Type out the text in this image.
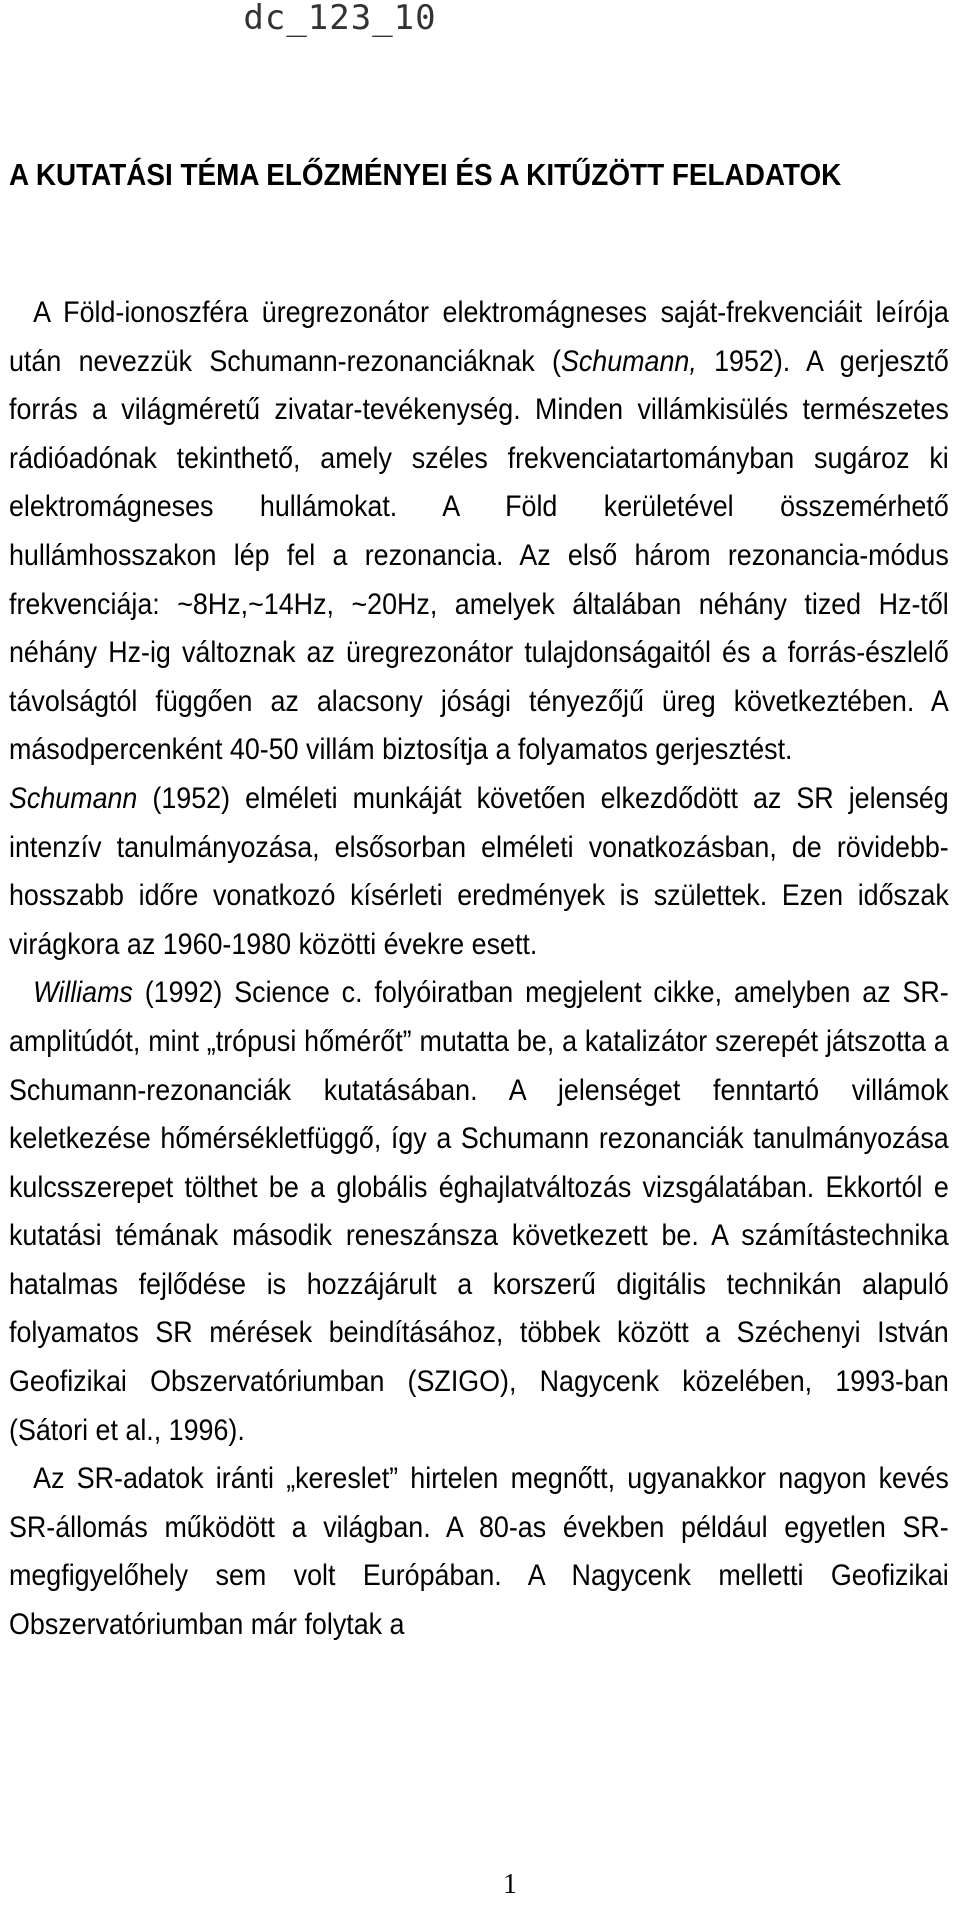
dc_123_10
A KUTATÁSI TÉMA ELŐZMÉNYEI ÉS A KITŰZÖTT FELADATOK

A Föld-ionoszféra üregrezonátor elektromágneses saját-frekvenciáit leírója után nevezzük Schumann-rezonanciáknak (Schumann, 1952). A gerjesztő forrás a világméretű zivatar-tevékenység. Minden villámkisülés természetes rádióadónak tekinthető, amely széles frekvenciatartományban sugároz ki elektromágneses hullámokat. A Föld kerületével összemérhető hullámhosszakon lép fel a rezonancia. Az első három rezonancia-módus frekvenciája: ~8Hz,~14Hz, ~20Hz, amelyek általában néhány tized Hz-től néhány Hz-ig változnak az üregrezonátor tulajdonságaitól és a forrás-észlelő távolságtól függően az alacsony jósági tényezőjű üreg következtében. A másodpercenként 40-50 villám biztosítja a folyamatos gerjesztést.

Schumann (1952) elméleti munkáját követően elkezdődött az SR jelenség intenzív tanulmányozása, elsősorban elméleti vonatkozásban, de rövidebb-hosszabb időre vonatkozó kísérleti eredmények is születtek. Ezen időszak virágkora az 1960-1980 közötti évekre esett.

Williams (1992) Science c. folyóiratban megjelent cikke, amelyben az SR-amplitúdót, mint „trópusi hőmérőt” mutatta be, a katalizátor szerepét játszotta a Schumann-rezonanciák kutatásában. A jelenséget fenntartó villámok keletkezése hőmérsékletfüggő, így a Schumann rezonanciák tanulmányozása kulcsszerepet tölthet be a globális éghajlatváltozás vizsgálatában. Ekkortól e kutatási témának második reneszánsza következett be. A számítástechnika hatalmas fejlődése is hozzájárult a korszerű digitális technikán alapuló folyamatos SR mérések beindításához, többek között a Széchenyi István Geofizikai Obszervatóriumban (SZIGO), Nagycenk közelében, 1993-ban (Sátori et al., 1996).

Az SR-adatok iránti „kereslet” hirtelen megnőtt, ugyanakkor nagyon kevés SR-állomás működött a világban. A 80-as években például egyetlen SR-megfigyelőhely sem volt Európában. A Nagycenk melletti Geofizikai Obszervatóriumban már folytak a

1
